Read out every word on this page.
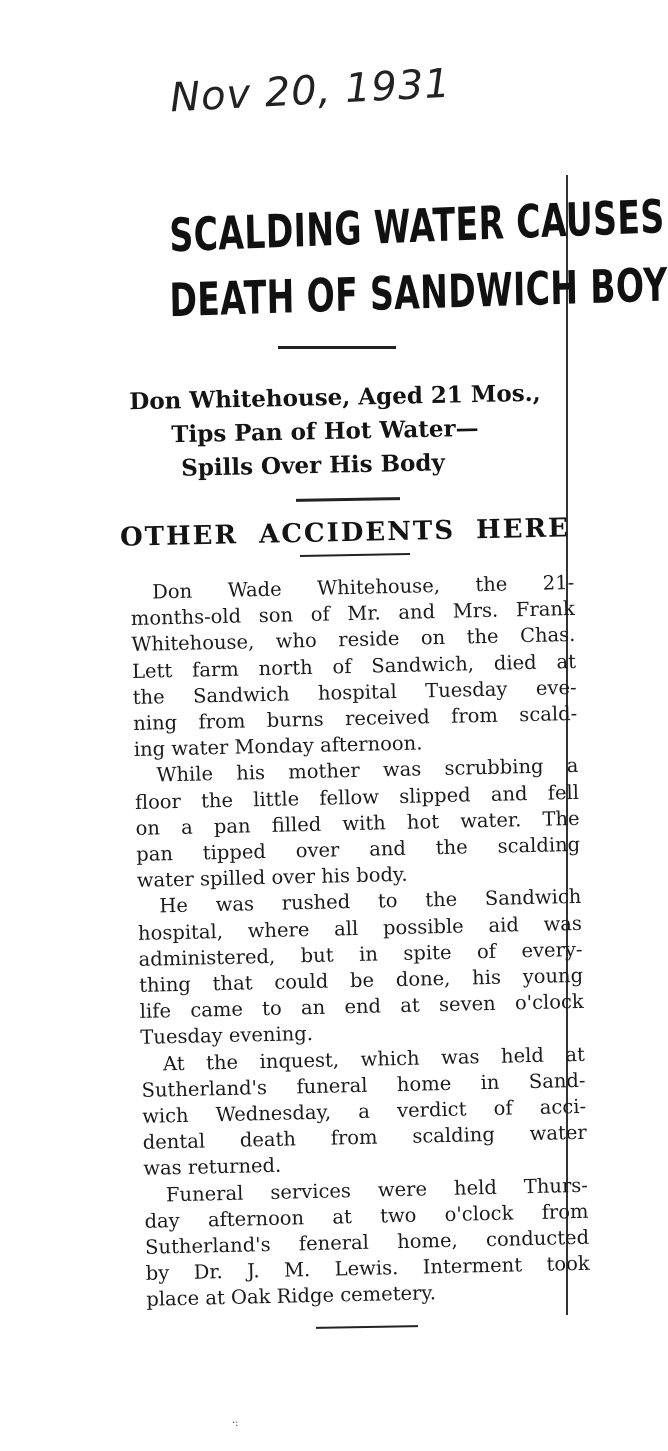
Nov 20, 1931
SCALDING WATER CAUSES
DEATH OF SANDWICH BOY
Don Whitehouse, Aged 21 Mos.,
Tips Pan of Hot Water—
Spills Over His Body
OTHER ACCIDENTS HERE
Don Wade Whitehouse, the 21-
months-old son of Mr. and Mrs. Frank
Whitehouse, who reside on the Chas.
Lett farm north of Sandwich, died at
the Sandwich hospital Tuesday eve-
ning from burns received from scald-
ing water Monday afternoon.
While his mother was scrubbing a
floor the little fellow slipped and fell
on a pan filled with hot water. The
pan tipped over and the scalding
water spilled over his body.
He was rushed to the Sandwich
hospital, where all possible aid was
administered, but in spite of every-
thing that could be done, his young
life came to an end at seven o'clock
Tuesday evening.
At the inquest, which was held at
Sutherland's funeral home in Sand-
wich Wednesday, a verdict of acci-
dental death from scalding water
was returned.
Funeral services were held Thurs-
day afternoon at two o'clock from
Sutherland's feneral home, conducted
by Dr. J. M. Lewis. Interment took
place at Oak Ridge cemetery.
·:
